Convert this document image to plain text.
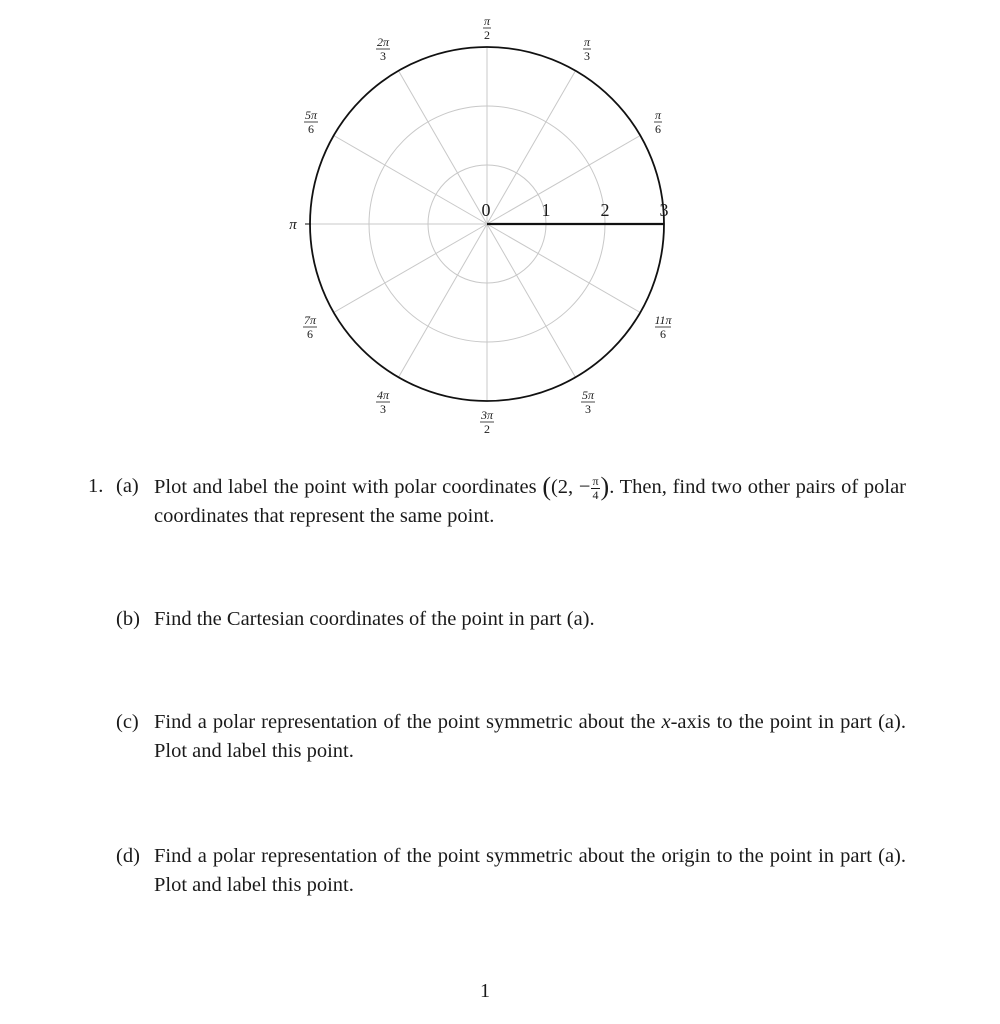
0	1	2	3
π
6
π
3
π
2
2π
3
5π
6
π
7π
6
4π
3	3π
2
5π
3
11π
6
1. (a) Plot and label the point with polar coordinates ((2, − $\frac{\pi}{4}$ ). Then, find two other pairs of polar coordinates that represent the same point.
(b) Find the Cartesian coordinates of the point in part (a).
(c) Find a polar representation of the point symmetric about the x-axis to the point in part (a). Plot and label this point.
(d) Find a polar representation of the point symmetric about the origin to the point in part (a). Plot and label this point.
1
